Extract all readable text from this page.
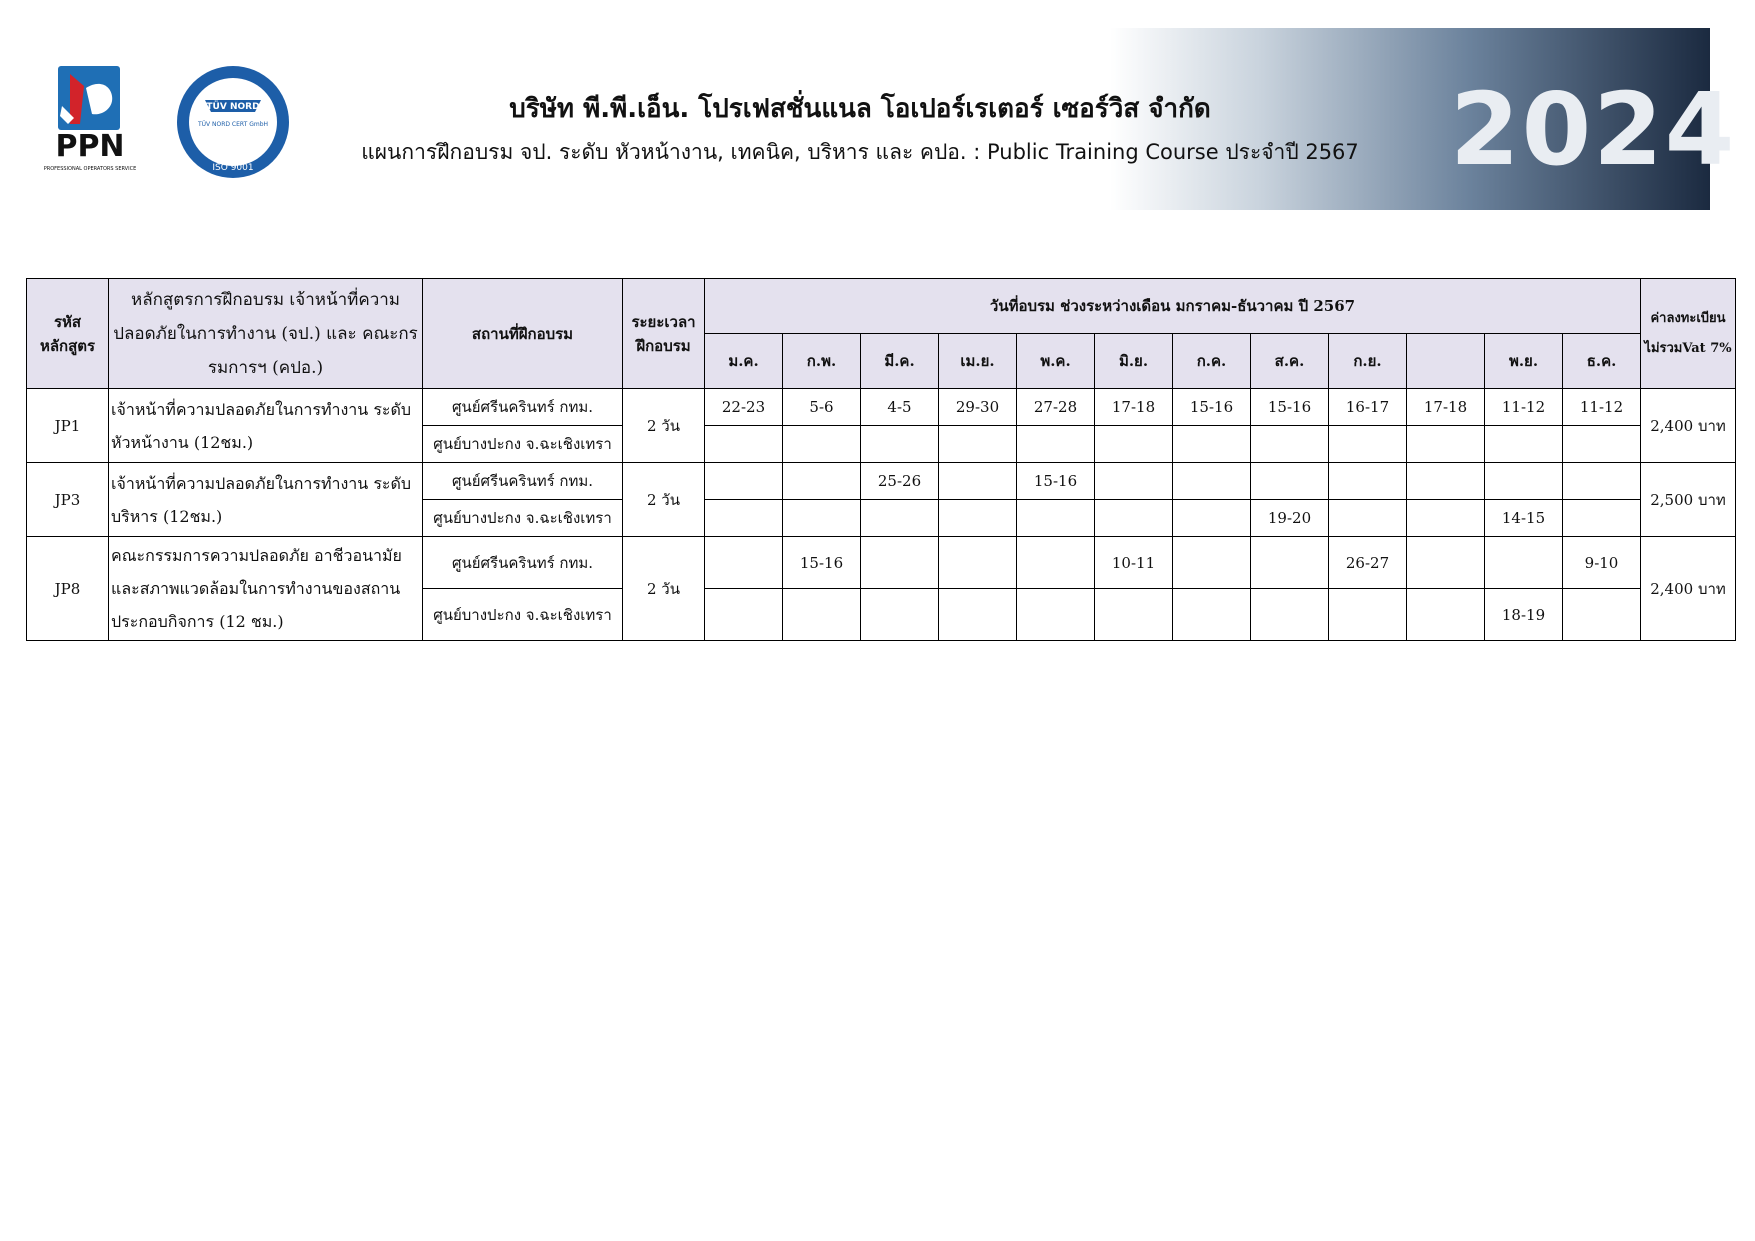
2024
PPN
PROFESSIONAL OPERATORS SERVICE
TÜV NORD
TÜV NORD CERT GmbH
ISO 9001
บริษัท พี.พี.เอ็น. โปรเฟสชั่นแนล โอเปอร์เรเตอร์ เซอร์วิส จำกัด
แผนการฝึกอบรม จป. ระดับ หัวหน้างาน, เทคนิค, บริหาร และ คปอ. : Public Training Course ประจำปี 2567
รหัส หลักสูตร	หลักสูตรการฝึกอบรม เจ้าหน้าที่ความปลอดภัยในการทำงาน (จป.) และ คณะกรรมการฯ (คปอ.)	สถานที่ฝึกอบรม	ระยะเวลา ฝึกอบรม	วันที่อบรม ช่วงระหว่างเดือน มกราคม-ธันวาคม ปี 2567												ค่าลงทะเบียน ไม่รวมVat 7%
				ม.ค.	ก.พ.	มี.ค.	เม.ย.	พ.ค.	มิ.ย.	ก.ค.	ส.ค.	ก.ย.		พ.ย.	ธ.ค.	
JP1	เจ้าหน้าที่ความปลอดภัยในการทำงาน ระดับหัวหน้างาน (12ชม.)	ศูนย์ศรีนครินทร์ กทม.	2 วัน	22-23	5-6	4-5	29-30	27-28	17-18	15-16	15-16	16-17	17-18	11-12	11-12	2,400 บาท
		ศูนย์บางปะกง จ.ฉะเชิงเทรา														
JP3	เจ้าหน้าที่ความปลอดภัยในการทำงาน ระดับบริหาร (12ชม.)	ศูนย์ศรีนครินทร์ กทม.	2 วัน			25-26		15-16								2,500 บาท
		ศูนย์บางปะกง จ.ฉะเชิงเทรา									19-20			14-15		
JP8	คณะกรรมการความปลอดภัย อาชีวอนามัย และสภาพแวดล้อมในการทำงานของสถานประกอบกิจการ (12 ชม.)	ศูนย์ศรีนครินทร์ กทม.	2 วัน		15-16				10-11			26-27			9-10	2,400 บาท
		ศูนย์บางปะกง จ.ฉะเชิงเทรา												18-19		
